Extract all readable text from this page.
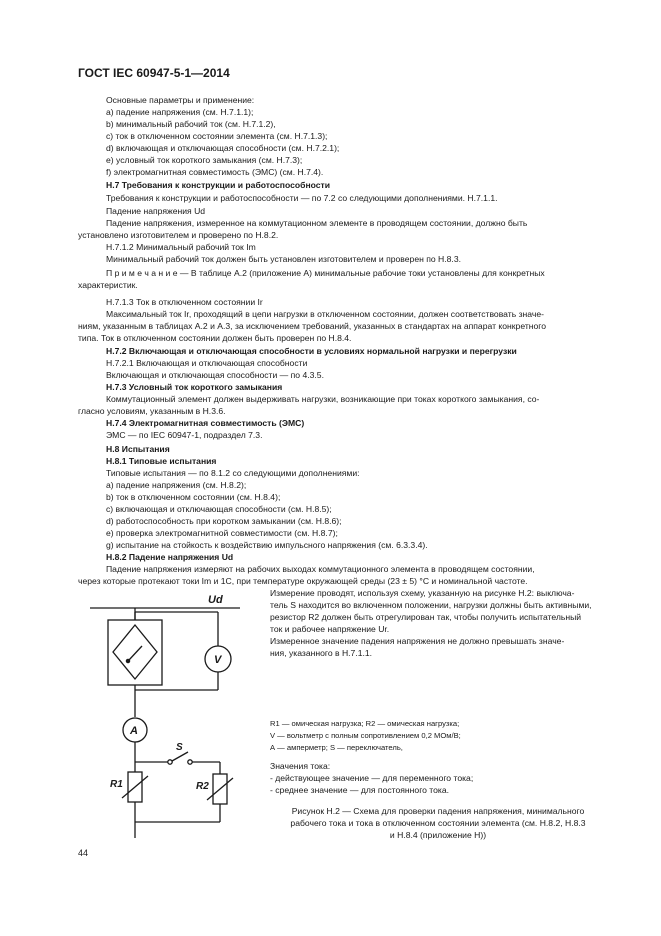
ГОСТ IEC 60947-5-1—2014
Основные параметры и применение:
a) падение напряжения (см. Н.7.1.1);
b) минимальный рабочий ток (см. Н.7.1.2),
c) ток в отключенном состоянии элемента (см. Н.7.1.3);
d) включающая и отключающая способности (см. Н.7.2.1);
e) условный ток короткого замыкания (см. Н.7.3);
f) электромагнитная совместимость (ЭМС) (см. Н.7.4).
Н.7 Требования к конструкции и работоспособности
Требования к конструкции и работоспособности — по 7.2 со следующими дополнениями. Н.7.1.1.
Падение напряжения Ud
Падение напряжения, измеренное на коммутационном элементе в проводящем состоянии, должно быть
установлено изготовителем и проверено по Н.8.2.
Н.7.1.2 Минимальный рабочий ток Im
Минимальный рабочий ток должен быть установлен изготовителем и проверен по Н.8.3.
П р и м е ч а н и е — В таблице А.2 (приложение А) минимальные рабочие токи установлены для конкретных
характеристик.
Н.7.1.3 Ток в отключенном состоянии Ir
Максимальный ток Ir, проходящий в цепи нагрузки в отключенном состоянии, должен соответствовать значе-
ниям, указанным в таблицах А.2 и А.3, за исключением требований, указанных в стандартах на аппарат конкретного
типа. Ток в отключенном состоянии должен быть проверен по Н.8.4.
Н.7.2 Включающая и отключающая способности в условиях нормальной нагрузки и перегрузки
Н.7.2.1 Включающая и отключающая способности
Включающая и отключающая способности — по 4.3.5.
Н.7.3 Условный ток короткого замыкания
Коммутационный элемент должен выдерживать нагрузки, возникающие при токах короткого замыкания, со-
гласно условиям, указанным в Н.3.6.
Н.7.4 Электромагнитная совместимость (ЭМС)
ЭМС — по IEC 60947-1, подраздел 7.3.
Н.8 Испытания
Н.8.1 Типовые испытания
Типовые испытания — по 8.1.2 со следующими дополнениями:
a) падение напряжения (см. Н.8.2);
b) ток в отключенном состоянии (см. Н.8.4);
c) включающая и отключающая способности (см. Н.8.5);
d) работоспособность при коротком замыкании (см. Н.8.6);
e) проверка электромагнитной совместимости (см. Н.8.7);
g) испытание на стойкость к воздействию импульсного напряжения (см. 6.3.3.4).
Н.8.2 Падение напряжения Ud
Падение напряжения измеряют на рабочих выходах коммутационного элемента в проводящем состоянии,
через которые протекают токи Im и 1C, при температуре окружающей среды (23 ± 5) °С и номинальной частоте.
Измерение проводят, используя схему, указанную на рисунке Н.2: выключа-
тель S находится во включенном положении, нагрузки должны быть активными,
резистор R2 должен быть отрегулирован так, чтобы получить испытательный
ток и рабочее напряжение Ur.
Измеренное значение падения напряжения не должно превышать значе-
ния, указанного в Н.7.1.1.
Ud
V
A
S
R1	R2
R1 — омическая нагрузка; R2 — омическая нагрузка;
V — вольтметр с полным сопротивлением 0,2 МОм/В;
А — амперметр; S — переключатель,
Значения тока:
- действующее значение — для переменного тока;
- среднее значение — для постоянного тока.
Рисунок Н.2 — Схема для проверки падения напряжения, минимального
рабочего тока и тока в отключенном состоянии элемента (см. Н.8.2, Н.8.3
и Н.8.4 (приложение Н))
44
